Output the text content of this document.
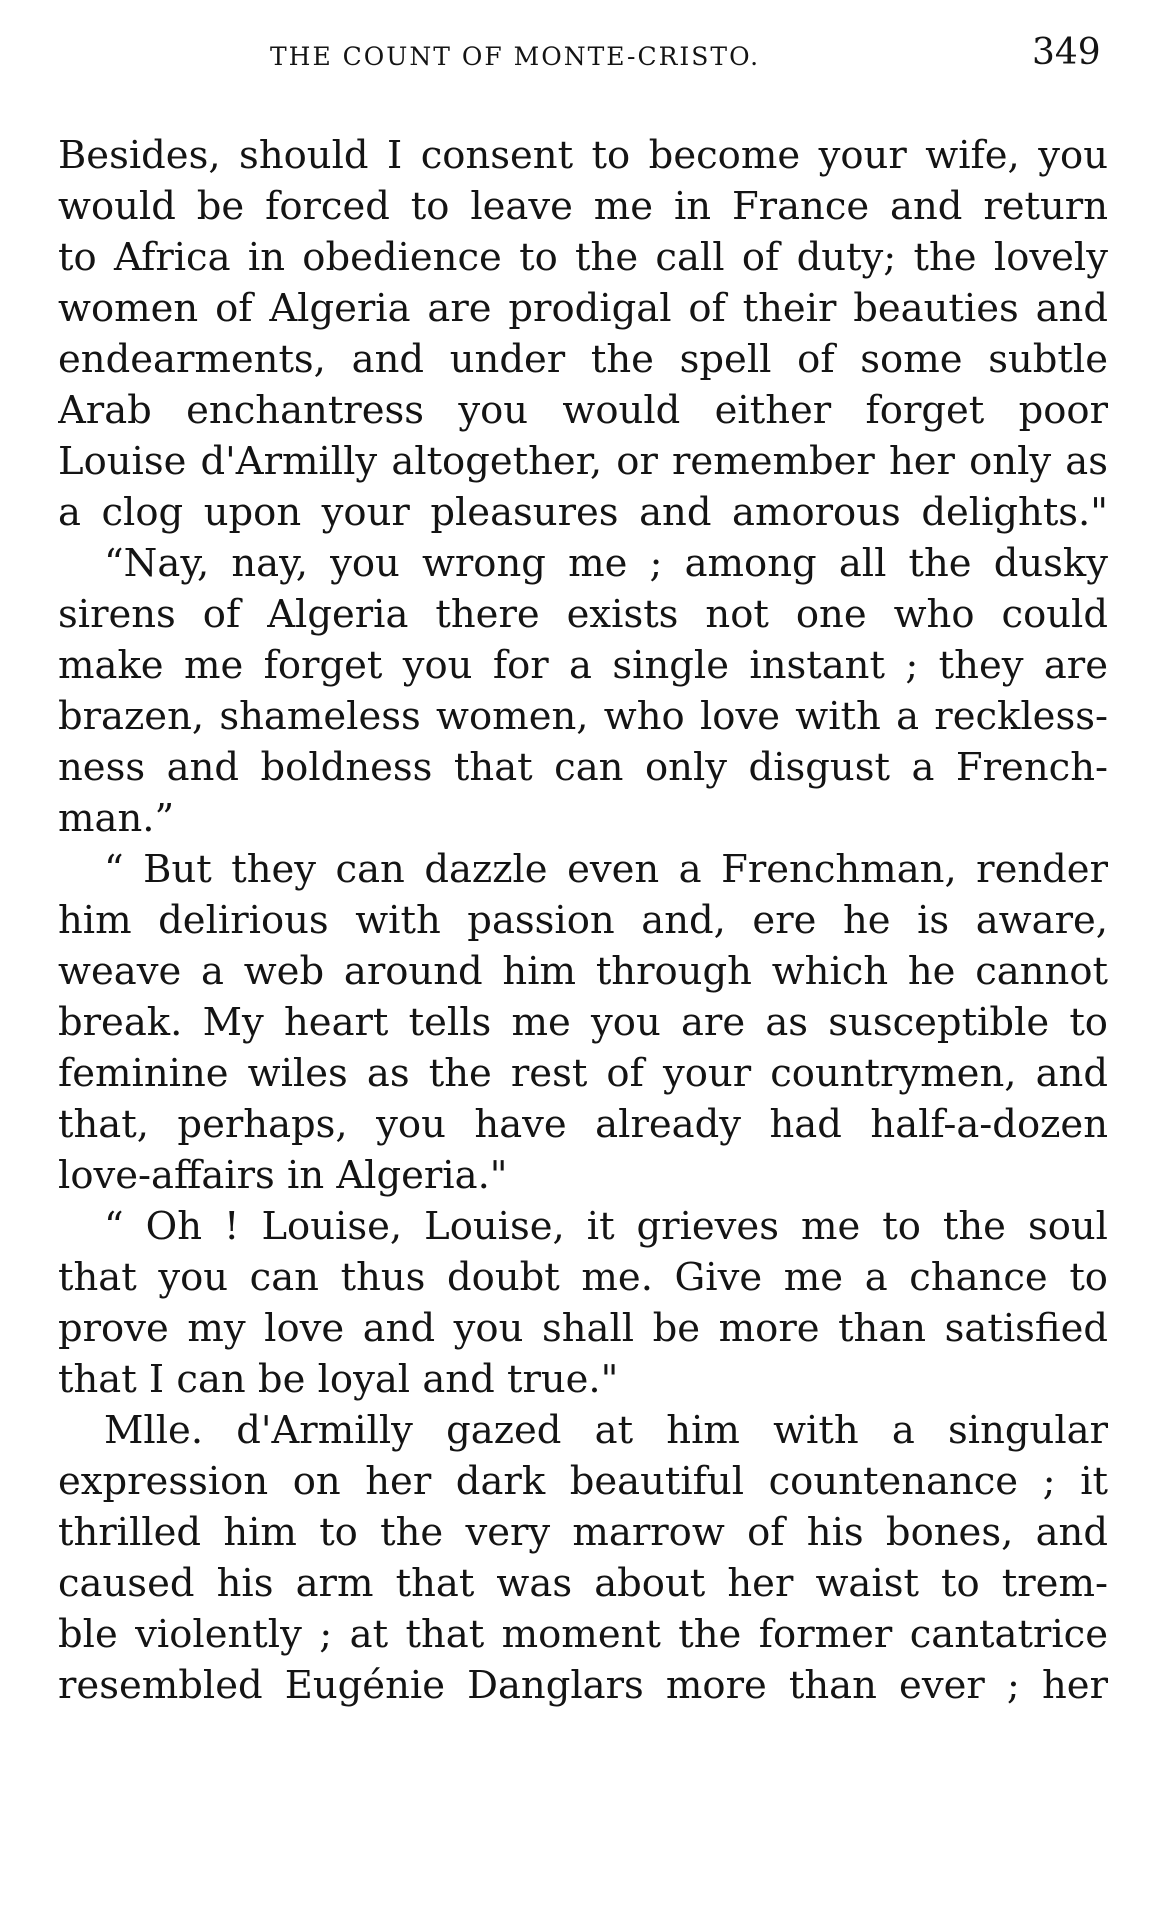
THE COUNT OF MONTE-CRISTO.	349
Besides, should I consent to become your wife, you
would be forced to leave me in France and return
to Africa in obedience to the call of duty; the lovely
women of Algeria are prodigal of their beauties and
endearments, and under the spell of some subtle
Arab enchantress you would either forget poor
Louise d'Armilly altogether, or remember her only as
a clog upon your pleasures and amorous delights."
“Nay, nay, you wrong me ; among all the dusky
sirens of Algeria there exists not one who could
make me forget you for a single instant ; they are
brazen, shameless women, who love with a reckless-
ness and boldness that can only disgust a French-
man.”
“ But they can dazzle even a Frenchman, render
him delirious with passion and, ere he is aware,
weave a web around him through which he cannot
break. My heart tells me you are as susceptible to
feminine wiles as the rest of your countrymen, and
that, perhaps, you have already had half-a-dozen
love-affairs in Algeria."
“ Oh ! Louise, Louise, it grieves me to the soul
that you can thus doubt me. Give me a chance to
prove my love and you shall be more than satisfied
that I can be loyal and true."
Mlle. d'Armilly gazed at him with a singular
expression on her dark beautiful countenance ; it
thrilled him to the very marrow of his bones, and
caused his arm that was about her waist to trem-
ble violently ; at that moment the former cantatrice
resembled Eugénie Danglars more than ever ; her
